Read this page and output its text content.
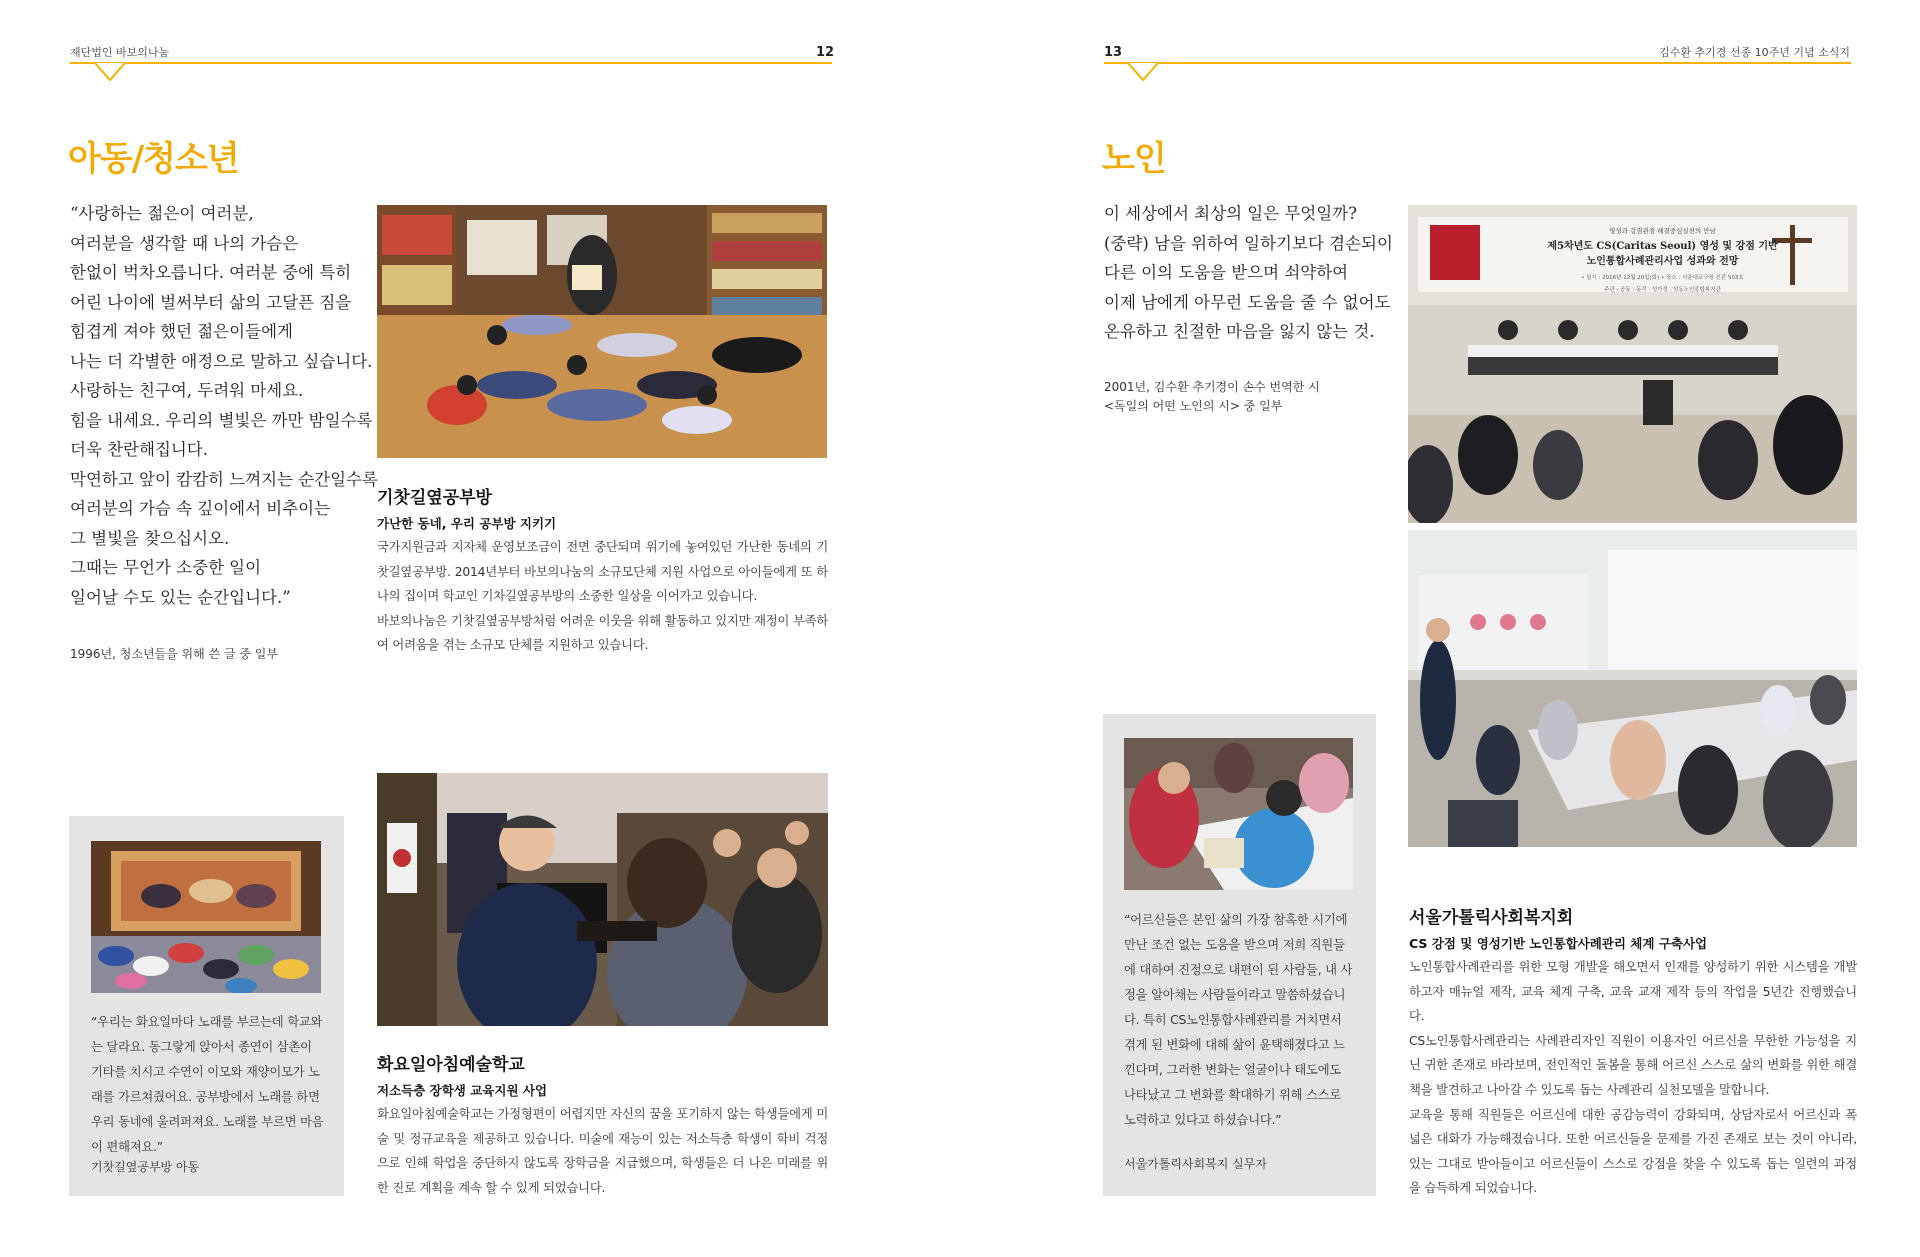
재단법인 바보의나눔	12
아동/청소년
“사랑하는 젊은이 여러분,
여러분을 생각할 때 나의 가슴은
한없이 벅차오릅니다. 여러분 중에 특히
어린 나이에 벌써부터 삶의 고달픈 짐을
힘겹게 져야 했던 젊은이들에게
나는 더 각별한 애정으로 말하고 싶습니다.
사랑하는 친구여, 두려워 마세요.
힘을 내세요. 우리의 별빛은 까만 밤일수록
더욱 찬란해집니다.
막연하고 앞이 캄캄히 느껴지는 순간일수록
여러분의 가슴 속 깊이에서 비추이는
그 별빛을 찾으십시오.
그때는 무언가 소중한 일이
일어날 수도 있는 순간입니다.”
1996년, 청소년들을 위해 쓴 글 중 일부
기찻길옆공부방
가난한 동네, 우리 공부방 지키기

국가지원금과 지자체 운영보조금이 전면 중단되며 위기에 놓여있던 가난한 동네의 기찻길옆공부방. 2014년부터 바보의나눔의 소규모단체 지원 사업으로 아이들에게 또 하나의 집이며 학교인 기차길옆공부방의 소중한 일상을 이어가고 있습니다.

바보의나눔은 기찻길옆공부방처럼 어려운 이웃을 위해 활동하고 있지만 재정이 부족하여 어려움을 겪는 소규모 단체를 지원하고 있습니다.

“우리는 화요일마다 노래를 부르는데 학교와는 달라요. 동그랗게 앉아서 종연이 삼촌이 기타를 치시고 수연이 이모와 재양이모가 노래를 가르쳐줬어요. 공부방에서 노래를 하면 우리 동네에 울려퍼져요. 노래를 부르면 마음이 편해져요.”
기찻길옆공부방 아동
화요일아침예술학교
저소득층 장학생 교육지원 사업

화요일아침예술학교는 가정형편이 어렵지만 자신의 꿈을 포기하지 않는 학생들에게 미술 및 정규교육을 제공하고 있습니다. 미술에 재능이 있는 저소득층 학생이 학비 걱정으로 인해 학업을 중단하지 않도록 장학금을 지급했으며, 학생들은 더 나은 미래를 위한 진로 계획을 계속 할 수 있게 되었습니다.

13	김수환 추기경 선종 10주년 기념 소식지
노인
이 세상에서 최상의 일은 무엇일까?
(중략) 남을 위하여 일하기보다 겸손되이
다른 이의 도움을 받으며 쇠약하여
이제 남에게 아무런 도움을 줄 수 없어도
온유하고 친절한 마음을 잃지 않는 것.
2001년, 김수환 추기경이 손수 번역한 시
<독일의 어떤 노인의 시> 중 일부
영성과 강점관점 해결중심실천의 만남
제5차년도 CS(Caritas Seoul) 영성 및 강점 기반
노인통합사례관리사업 성과와 전망
• 일시 : 2016년 12월 20일(화) • 장소 : 서울대교구청 신관 503호
주관 · 공동 : 동작 · 성가정 · 성동노인종합복지관
“어르신들은 본인 삶의 가장 참혹한 시기에 만난 조건 없는 도움을 받으며 저희 직원들에 대하여 진정으로 내편이 된 사람들, 내 사정을 알아채는 사람들이라고 말씀하셨습니다. 특히 CS노인통합사례관리를 거치면서 겪게 된 변화에 대해 삶이 윤택해졌다고 느낀다며, 그러한 변화는 얼굴이나 태도에도 나타났고 그 변화를 확대하기 위해 스스로 노력하고 있다고 하셨습니다.”
서울가톨릭사회복지 실무자
서울가톨릭사회복지회
CS 강점 및 영성기반 노인통합사례관리 체계 구축사업

노인통합사례관리를 위한 모형 개발을 해오면서 인재를 양성하기 위한 시스템을 개발하고자 매뉴얼 제작, 교육 체계 구축, 교육 교재 제작 등의 작업을 5년간 진행했습니다.

CS노인통합사례관리는 사례관리자인 직원이 이용자인 어르신을 무한한 가능성을 지닌 귀한 존재로 바라보며, 전인적인 돌봄을 통해 어르신 스스로 삶의 변화를 위한 해결책을 발견하고 나아갈 수 있도록 돕는 사례관리 실천모델을 말합니다.

교육을 통해 직원들은 어르신에 대한 공감능력이 강화되며, 상담자로서 어르신과 폭 넓은 대화가 가능해졌습니다. 또한 어르신들을 문제를 가진 존재로 보는 것이 아니라, 있는 그대로 받아들이고 어르신들이 스스로 강점을 찾을 수 있도록 돕는 일련의 과정을 습득하게 되었습니다.
